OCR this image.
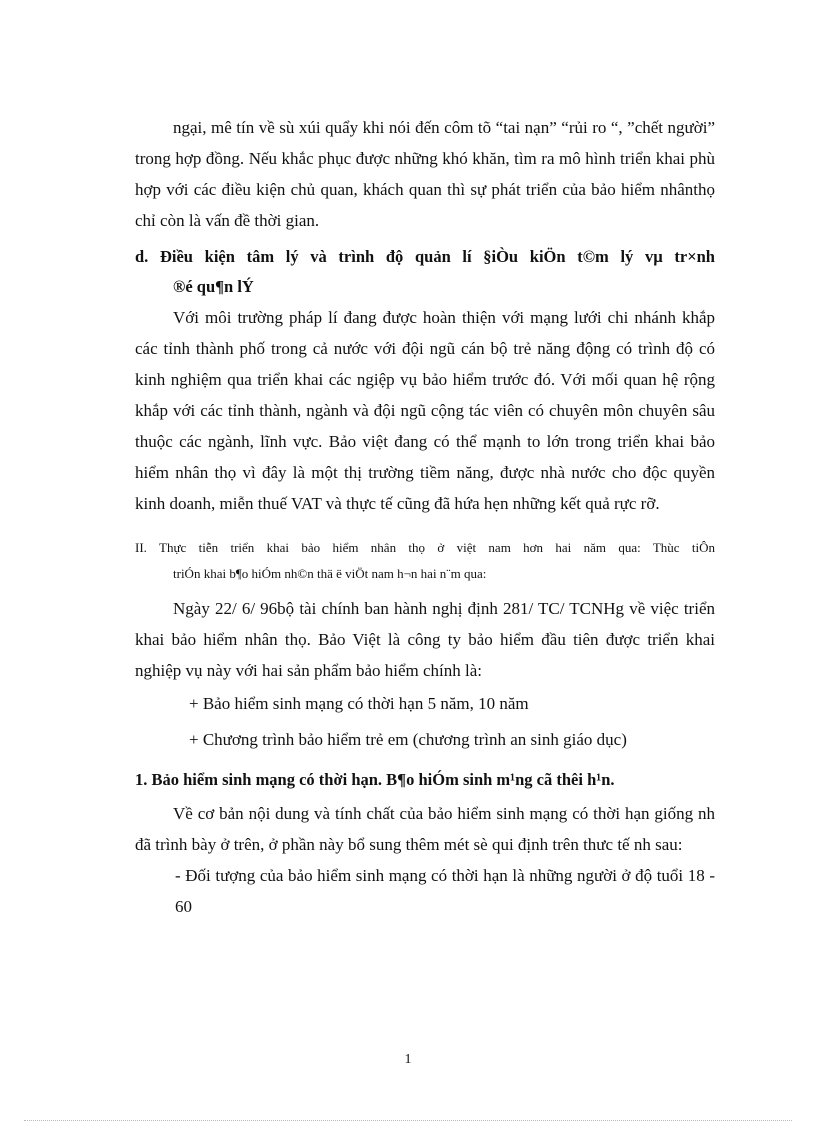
ngại, mê tín về sù xúi quẩy khi nói đến côm tõ “tai nạn” “rủi ro “, ”chết người” trong hợp đồng. Nếu khắc phục được những khó khăn, tìm ra mô hình triển khai phù hợp với các điều kiện chủ quan, khách quan thì sự phát triển của bảo hiểm nhânthọ chỉ còn là vấn đề thời gian.

d. Điều kiện tâm lý và trình độ quản lí §iÒu kiÖn t©m lý vµ tr×nh

®é qu¶n lÝ

Với môi trường pháp lí đang được hoàn thiện với mạng lưới chi nhánh khắp các tỉnh thành phố trong cả nước với đội ngũ cán bộ trẻ năng động có trình độ có kinh nghiệm qua triển khai các ngiệp vụ bảo hiểm trước đó. Với mối quan hệ rộng khắp với các tỉnh thành, ngành và đội ngũ cộng tác viên có chuyên môn chuyên sâu thuộc các ngành, lĩnh vực. Bảo việt đang có thể mạnh to lớn trong triển khai bảo hiểm nhân thọ vì đây là một thị trường tiềm năng, được nhà nước cho độc quyền kinh doanh, miễn thuế VAT và thực tế cũng đã hứa hẹn những kết quả rực rỡ.

II. Thực tiễn triển khai bảo hiểm nhân thọ ở việt nam hơn hai năm qua: Thùc tiÔn

triÓn khai b¶o hiÓm nh©n thä ë viÖt nam h¬n hai n¨m qua:

Ngày 22/ 6/ 96bộ tài chính ban hành nghị định 281/ TC/ TCNHg về việc triển khai bảo hiểm nhân thọ. Bảo Việt là công ty bảo hiểm đầu tiên được triển khai nghiệp vụ này với hai sản phẩm bảo hiểm chính là:

+ Bảo hiểm sinh mạng có thời hạn 5 năm, 10 năm
+ Chương trình bảo hiểm trẻ em (chương trình an sinh giáo dục)
1. Bảo hiểm sinh mạng có thời hạn. B¶o hiÓm sinh m¹ng cã thêi h¹n.

Về cơ bản nội dung và tính chất của bảo hiểm sinh mạng có thời hạn giống nh đã trình bày ở trên, ở phần này bổ sung thêm mét sè qui định trên thưc tế nh sau:

- Đối tượng của bảo hiểm sinh mạng có thời hạn là những người ở độ tuổi 18 - 60

1
